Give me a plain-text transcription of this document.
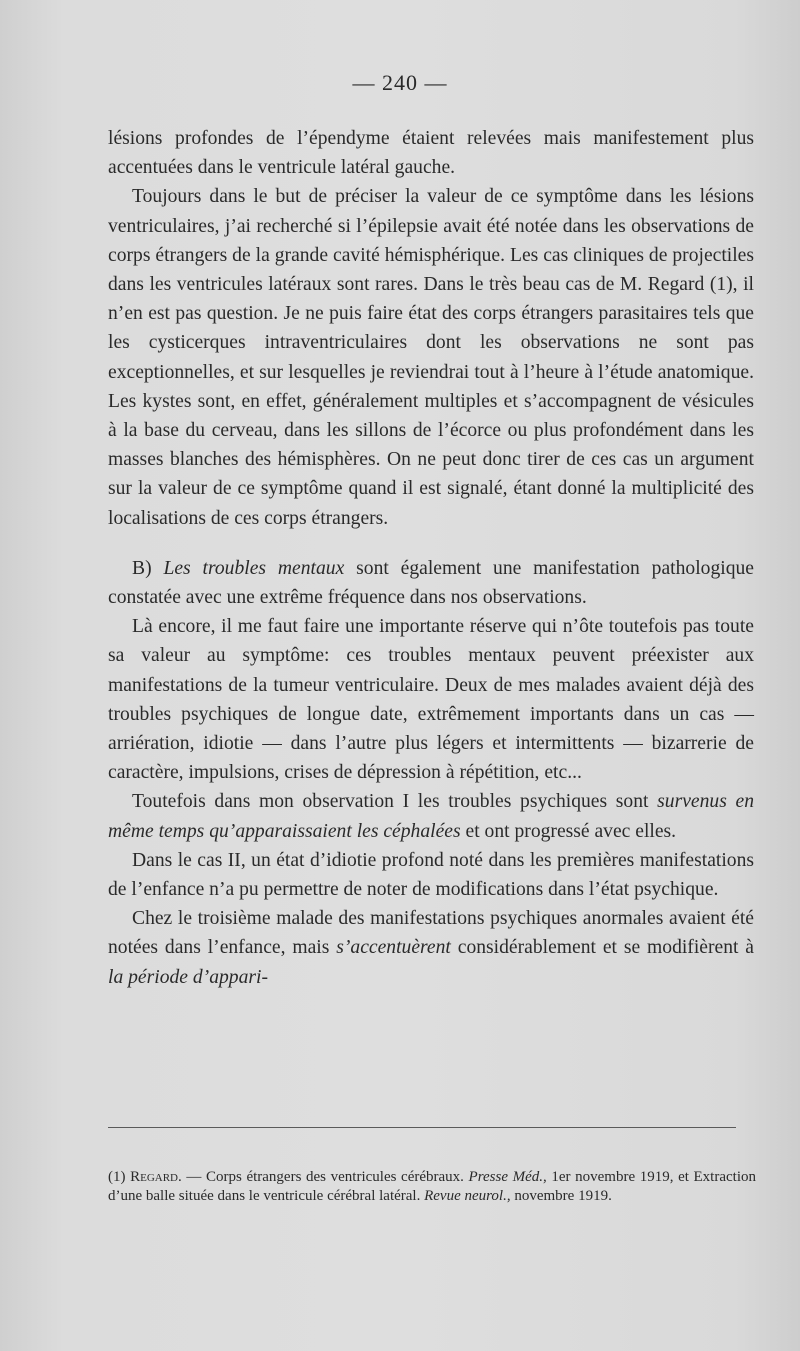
— 240 —

lésions profondes de l’épendyme étaient relevées mais manifestement plus accentuées dans le ventricule latéral gauche.

Toujours dans le but de préciser la valeur de ce symptôme dans les lésions ventriculaires, j’ai recherché si l’épilepsie avait été notée dans les observations de corps étrangers de la grande cavité hémisphérique. Les cas cliniques de projectiles dans les ventricules latéraux sont rares. Dans le très beau cas de M. Regard (1), il n’en est pas question. Je ne puis faire état des corps étrangers parasitaires tels que les cysticerques intraventriculaires dont les observations ne sont pas exceptionnelles, et sur lesquelles je reviendrai tout à l’heure à l’étude anatomique. Les kystes sont, en effet, généralement multiples et s’accompagnent de vésicules à la base du cerveau, dans les sillons de l’écorce ou plus profondément dans les masses blanches des hémisphères. On ne peut donc tirer de ces cas un argument sur la valeur de ce symptôme quand il est signalé, étant donné la multiplicité des localisations de ces corps étrangers.

B) Les troubles mentaux sont également une manifestation pathologique constatée avec une extrême fréquence dans nos observations.

Là encore, il me faut faire une importante réserve qui n’ôte toutefois pas toute sa valeur au symptôme: ces troubles mentaux peuvent préexister aux manifestations de la tumeur ventriculaire. Deux de mes malades avaient déjà des troubles psychiques de longue date, extrêmement importants dans un cas — arriération, idiotie — dans l’autre plus légers et intermittents — bizarrerie de caractère, impulsions, crises de dépression à répétition, etc...

Toutefois dans mon observation I les troubles psychiques sont survenus en même temps qu’apparaissaient les céphalées et ont progressé avec elles.

Dans le cas II, un état d’idiotie profond noté dans les premières manifestations de l’enfance n’a pu permettre de noter de modifications dans l’état psychique.

Chez le troisième malade des manifestations psychiques anormales avaient été notées dans l’enfance, mais s’accentuèrent considérablement et se modifièrent à la période d’appari-

(1) Regard. — Corps étrangers des ventricules cérébraux. Presse Méd., 1er novembre 1919, et Extraction d’une balle située dans le ventricule cérébral latéral. Revue neurol., novembre 1919.
